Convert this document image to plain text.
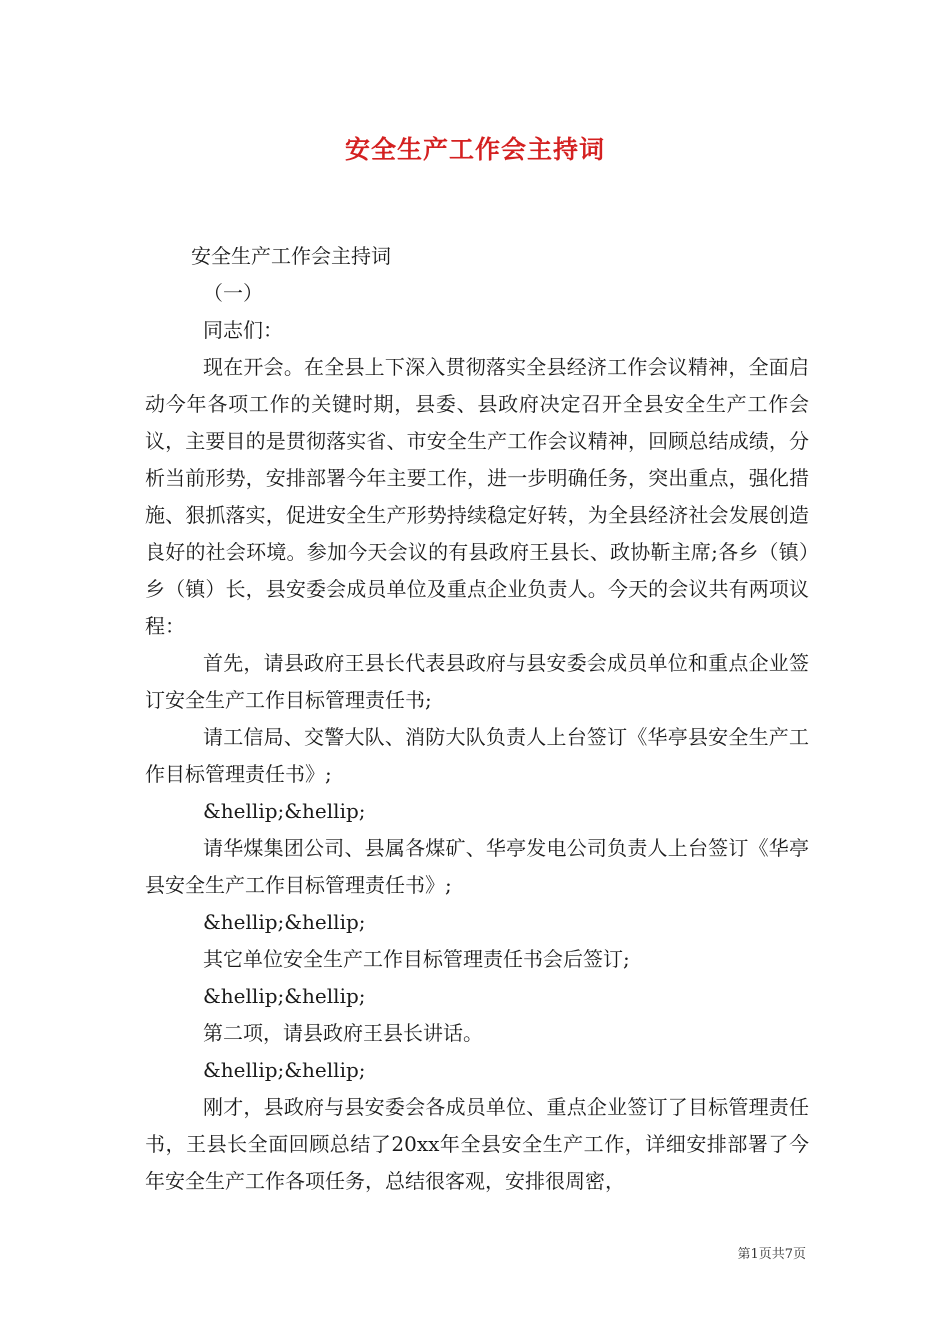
安全生产工作会主持词

安全生产工作会主持词

（一）

同志们：

现在开会。在全县上下深入贯彻落实全县经济工作会议精神，全面启动今年各项工作的关键时期，县委、县政府决定召开全县安全生产工作会议，主要目的是贯彻落实省、市安全生产工作会议精神，回顾总结成绩，分析当前形势，安排部署今年主要工作，进一步明确任务，突出重点，强化措施、狠抓落实，促进安全生产形势持续稳定好转，为全县经济社会发展创造良好的社会环境。参加今天会议的有县政府王县长、政协靳主席;各乡（镇）乡（镇）长，县安委会成员单位及重点企业负责人。今天的会议共有两项议程：

首先，请县政府王县长代表县政府与县安委会成员单位和重点企业签订安全生产工作目标管理责任书;

请工信局、交警大队、消防大队负责人上台签订《华亭县安全生产工作目标管理责任书》;

&hellip;&hellip;

请华煤集团公司、县属各煤矿、华亭发电公司负责人上台签订《华亭县安全生产工作目标管理责任书》;

&hellip;&hellip;

其它单位安全生产工作目标管理责任书会后签订;

&hellip;&hellip;

第二项，请县政府王县长讲话。

&hellip;&hellip;

刚才，县政府与县安委会各成员单位、重点企业签订了目标管理责任书，王县长全面回顾总结了20xx年全县安全生产工作，详细安排部署了今年安全生产工作各项任务，总结很客观，安排很周密，

第1页共7页
